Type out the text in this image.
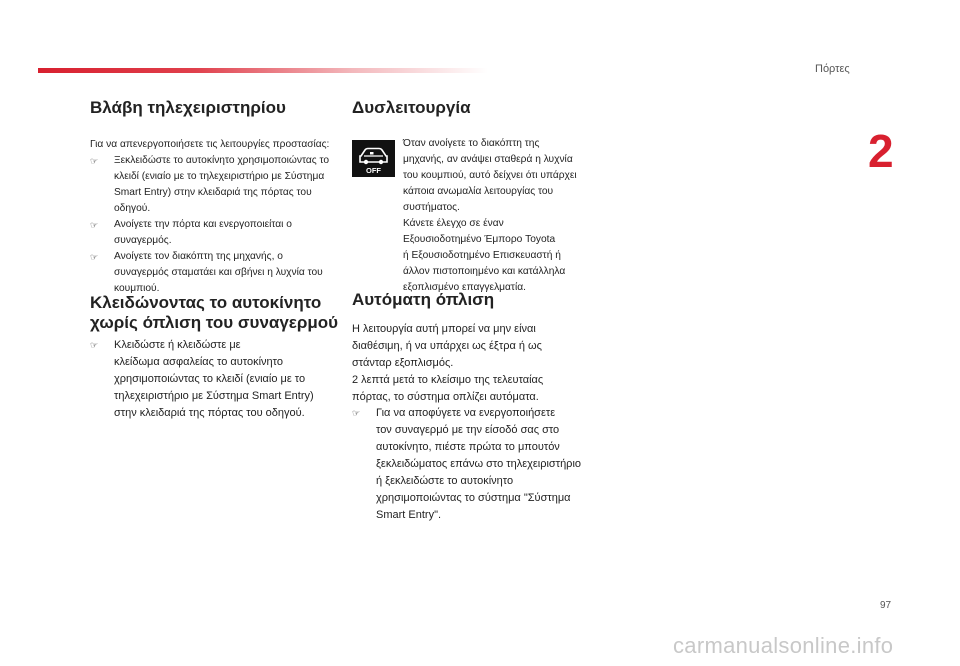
Πόρτες
2
Βλάβη τηλεχειριστηρίου
Για να απενεργοποιήσετε τις λειτουργίες προστασίας:
☞ Ξεκλειδώστε το αυτοκίνητο χρησιμοποιώντας το
κλειδί (ενιαίο με το τηλεχειριστήριο με Σύστημα
Smart Entry) στην κλειδαριά της πόρτας του
οδηγού.
☞ Ανοίγετε την πόρτα και ενεργοποιείται ο
συναγερμός.
☞ Ανοίγετε τον διακόπτη της μηχανής, ο
συναγερμός σταματάει και σβήνει η λυχνία του
κουμπιού.
Κλειδώνοντας το αυτοκίνητο
χωρίς όπλιση του συναγερμού
☞ Κλειδώστε ή κλειδώστε με
κλείδωμα ασφαλείας το αυτοκίνητο
χρησιμοποιώντας το κλειδί (ενιαίο με το
τηλεχειριστήριο με Σύστημα Smart Entry)
στην κλειδαριά της πόρτας του οδηγού.
Δυσλειτουργία
OFF
Όταν ανοίγετε το διακόπτη της
μηχανής, αν ανάψει σταθερά η λυχνία
του κουμπιού, αυτό δείχνει ότι υπάρχει
κάποια ανωμαλία λειτουργίας του
συστήματος.
Κάνετε έλεγχο σε έναν
Εξουσιοδοτημένο Έμπορο Toyota
ή Εξουσιοδοτημένο Επισκευαστή ή
άλλον πιστοποιημένο και κατάλληλα
εξοπλισμένο επαγγελματία.
Αυτόματη όπλιση
Η λειτουργία αυτή μπορεί να μην είναι
διαθέσιμη, ή να υπάρχει ως έξτρα ή ως
στάνταρ εξοπλισμός.
2 λεπτά μετά το κλείσιμο της τελευταίας
πόρτας, το σύστημα οπλίζει αυτόματα.
☞ Για να αποφύγετε να ενεργοποιήσετε
τον συναγερμό με την είσοδό σας στο
αυτοκίνητο, πιέστε πρώτα το μπουτόν
ξεκλειδώματος επάνω στο τηλεχειριστήριο
ή ξεκλειδώστε το αυτοκίνητο
χρησιμοποιώντας το σύστημα "Σύστημα
Smart Entry".
97
carmanualsonline.info
